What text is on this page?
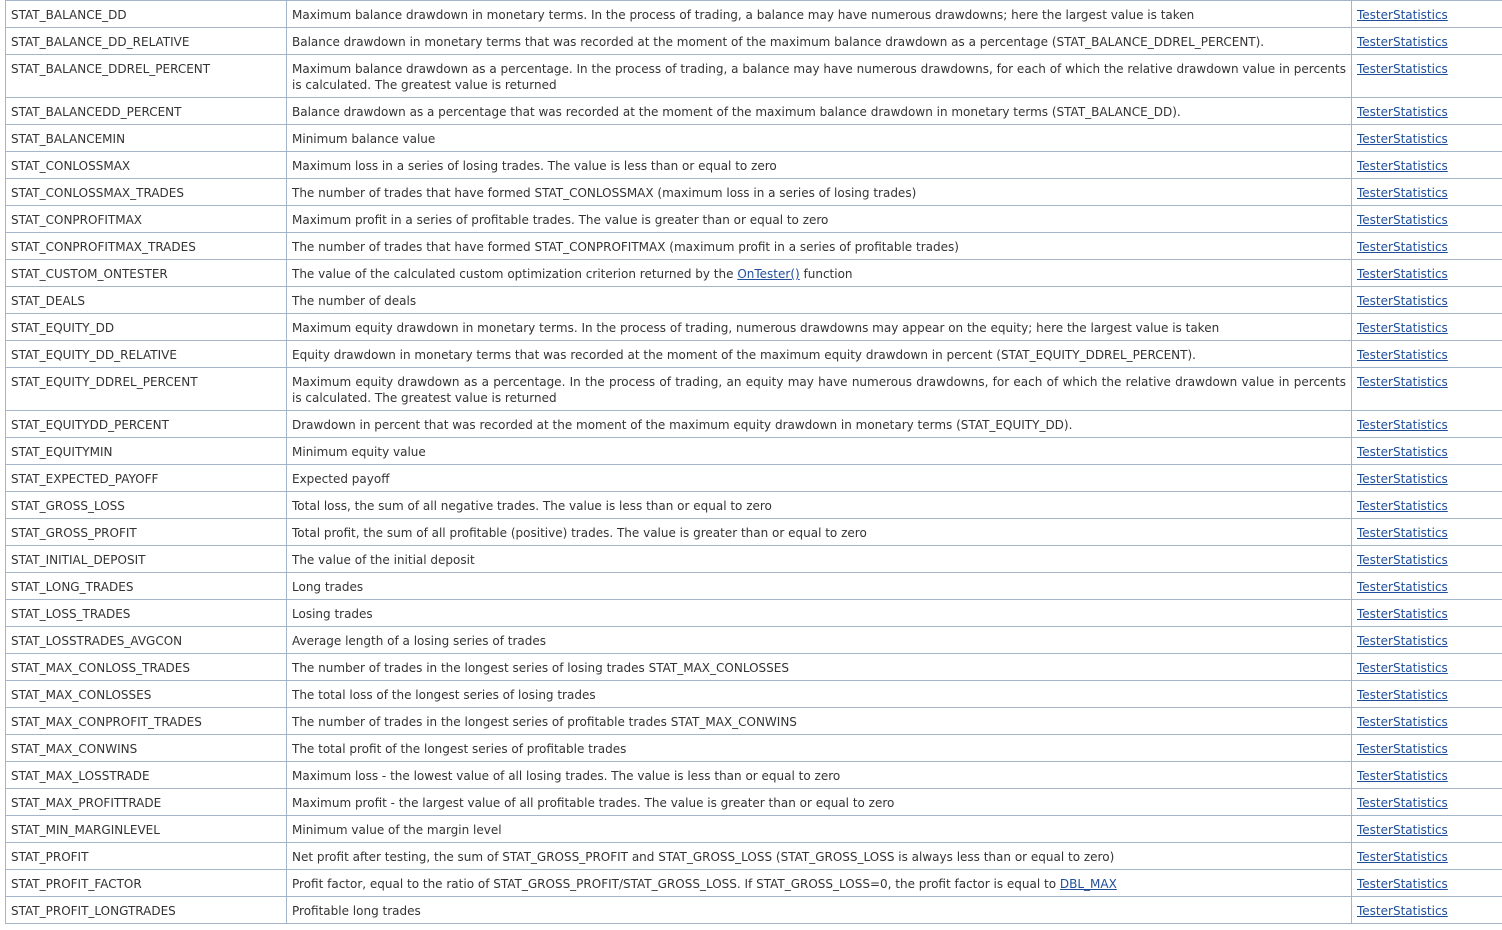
STAT_BALANCE_DD	Maximum balance drawdown in monetary terms. In the process of trading, a balance may have numerous drawdowns; here the largest value is taken	TesterStatistics

STAT_BALANCE_DD_RELATIVE	Balance drawdown in monetary terms that was recorded at the moment of the maximum balance drawdown as a percentage (STAT_BALANCE_DDREL_PERCENT).	TesterStatistics

STAT_BALANCE_DDREL_PERCENT	Maximum balance drawdown as a percentage. In the process of trading, a balance may have numerous drawdowns, for each of which the relative drawdown value in percents is calculated. The greatest value is returned	TesterStatistics

STAT_BALANCEDD_PERCENT	Balance drawdown as a percentage that was recorded at the moment of the maximum balance drawdown in monetary terms (STAT_BALANCE_DD).	TesterStatistics

STAT_BALANCEMIN	Minimum balance value	TesterStatistics

STAT_CONLOSSMAX	Maximum loss in a series of losing trades. The value is less than or equal to zero	TesterStatistics

STAT_CONLOSSMAX_TRADES	The number of trades that have formed STAT_CONLOSSMAX (maximum loss in a series of losing trades)	TesterStatistics

STAT_CONPROFITMAX	Maximum profit in a series of profitable trades. The value is greater than or equal to zero	TesterStatistics

STAT_CONPROFITMAX_TRADES	The number of trades that have formed STAT_CONPROFITMAX (maximum profit in a series of profitable trades)	TesterStatistics

STAT_CUSTOM_ONTESTER	The value of the calculated custom optimization criterion returned by the OnTester() function	TesterStatistics

STAT_DEALS	The number of deals	TesterStatistics

STAT_EQUITY_DD	Maximum equity drawdown in monetary terms. In the process of trading, numerous drawdowns may appear on the equity; here the largest value is taken	TesterStatistics

STAT_EQUITY_DD_RELATIVE	Equity drawdown in monetary terms that was recorded at the moment of the maximum equity drawdown in percent (STAT_EQUITY_DDREL_PERCENT).	TesterStatistics

STAT_EQUITY_DDREL_PERCENT	Maximum equity drawdown as a percentage. In the process of trading, an equity may have numerous drawdowns, for each of which the relative drawdown value in percents is calculated. The greatest value is returned	TesterStatistics

STAT_EQUITYDD_PERCENT	Drawdown in percent that was recorded at the moment of the maximum equity drawdown in monetary terms (STAT_EQUITY_DD).	TesterStatistics

STAT_EQUITYMIN	Minimum equity value	TesterStatistics

STAT_EXPECTED_PAYOFF	Expected payoff	TesterStatistics

STAT_GROSS_LOSS	Total loss, the sum of all negative trades. The value is less than or equal to zero	TesterStatistics

STAT_GROSS_PROFIT	Total profit, the sum of all profitable (positive) trades. The value is greater than or equal to zero	TesterStatistics

STAT_INITIAL_DEPOSIT	The value of the initial deposit	TesterStatistics

STAT_LONG_TRADES	Long trades	TesterStatistics

STAT_LOSS_TRADES	Losing trades	TesterStatistics

STAT_LOSSTRADES_AVGCON	Average length of a losing series of trades	TesterStatistics

STAT_MAX_CONLOSS_TRADES	The number of trades in the longest series of losing trades STAT_MAX_CONLOSSES	TesterStatistics

STAT_MAX_CONLOSSES	The total loss of the longest series of losing trades	TesterStatistics

STAT_MAX_CONPROFIT_TRADES	The number of trades in the longest series of profitable trades STAT_MAX_CONWINS	TesterStatistics

STAT_MAX_CONWINS	The total profit of the longest series of profitable trades	TesterStatistics

STAT_MAX_LOSSTRADE	Maximum loss - the lowest value of all losing trades. The value is less than or equal to zero	TesterStatistics

STAT_MAX_PROFITTRADE	Maximum profit - the largest value of all profitable trades. The value is greater than or equal to zero	TesterStatistics

STAT_MIN_MARGINLEVEL	Minimum value of the margin level	TesterStatistics

STAT_PROFIT	Net profit after testing, the sum of STAT_GROSS_PROFIT and STAT_GROSS_LOSS (STAT_GROSS_LOSS is always less than or equal to zero)	TesterStatistics

STAT_PROFIT_FACTOR	Profit factor, equal to the ratio of STAT_GROSS_PROFIT/STAT_GROSS_LOSS. If STAT_GROSS_LOSS=0, the profit factor is equal to DBL_MAX	TesterStatistics

STAT_PROFIT_LONGTRADES	Profitable long trades	TesterStatistics
